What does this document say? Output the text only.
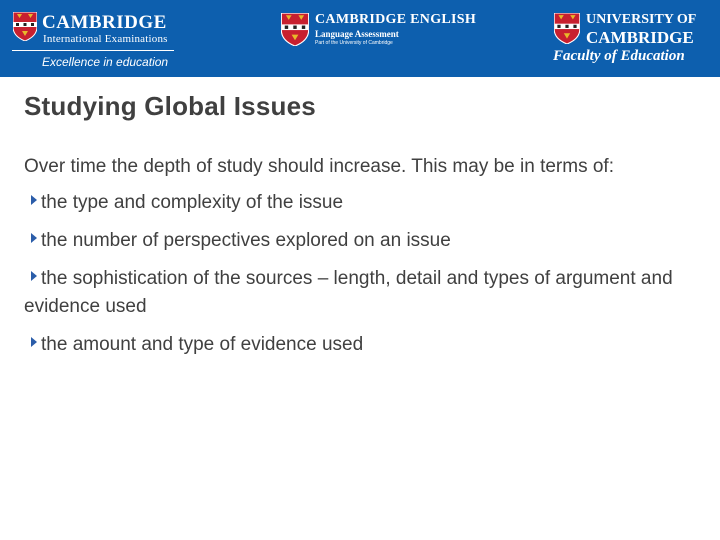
CAMBRIDGE
International Examinations
Excellence in education
CAMBRIDGE ENGLISH
Language Assessment
Part of the University of Cambridge
UNIVERSITY OF
CAMBRIDGE
Faculty of Education
Studying Global Issues

Over time the depth of study should increase. This may be in terms of:

the type and complexity of the issue
the number of perspectives explored on an issue
the sophistication of the sources – length, detail and types of argument and evidence used
the amount and type of evidence used
